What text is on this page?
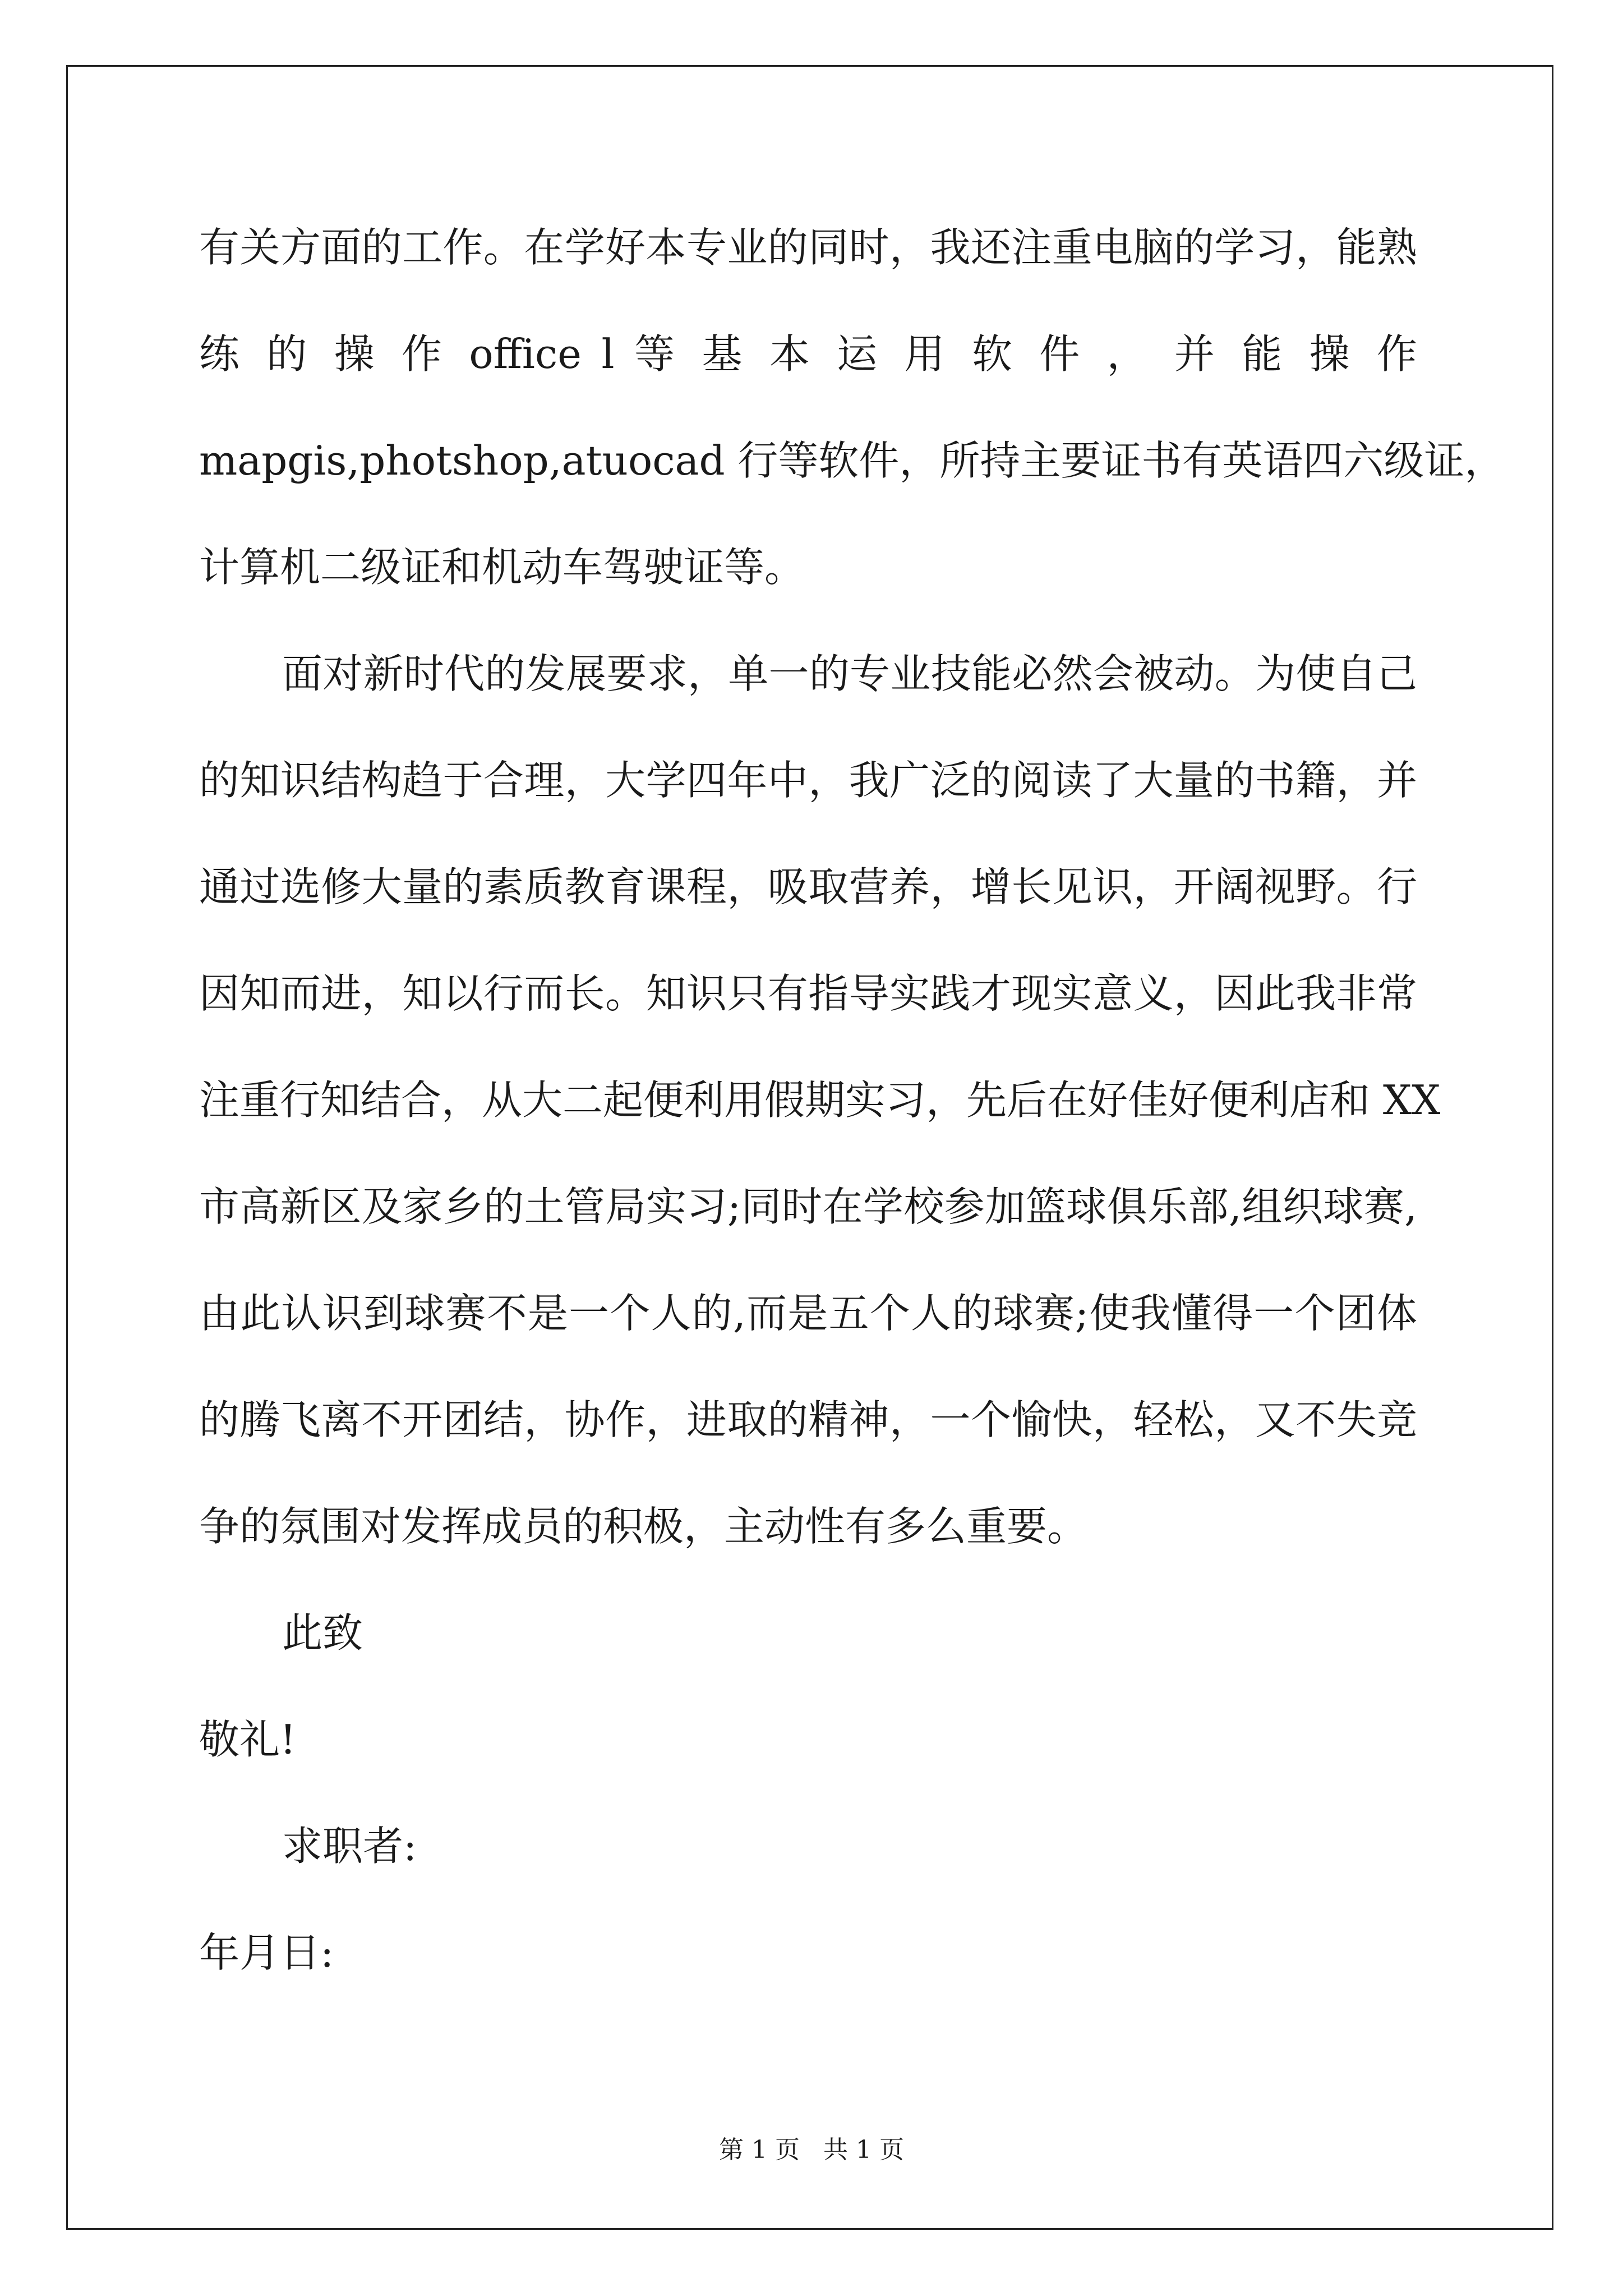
有关方面的工作。在学好本专业的同时，我还注重电脑的学习，能熟
练 的 操 作 office l 等 基 本 运 用 软 件 ， 并 能 操 作
mapgis,photshop,atuocad 行等软件，所持主要证书有英语四六级证，
计算机二级证和机动车驾驶证等。
面对新时代的发展要求，单一的专业技能必然会被动。为使自己
的知识结构趋于合理，大学四年中，我广泛的阅读了大量的书籍，并
通过选修大量的素质教育课程，吸取营养，增长见识，开阔视野。行
因知而进，知以行而长。知识只有指导实践才现实意义，因此我非常
注重行知结合，从大二起便利用假期实习，先后在好佳好便利店和 XX
市高新区及家乡的土管局实习;同时在学校参加篮球俱乐部,组织球赛,
由此认识到球赛不是一个人的,而是五个人的球赛;使我懂得一个团体
的腾飞离不开团结，协作，进取的精神，一个愉快，轻松，又不失竞
争的氛围对发挥成员的积极，主动性有多么重要。
此致
敬礼!
求职者:
年月日:
第 1 页   共 1 页
